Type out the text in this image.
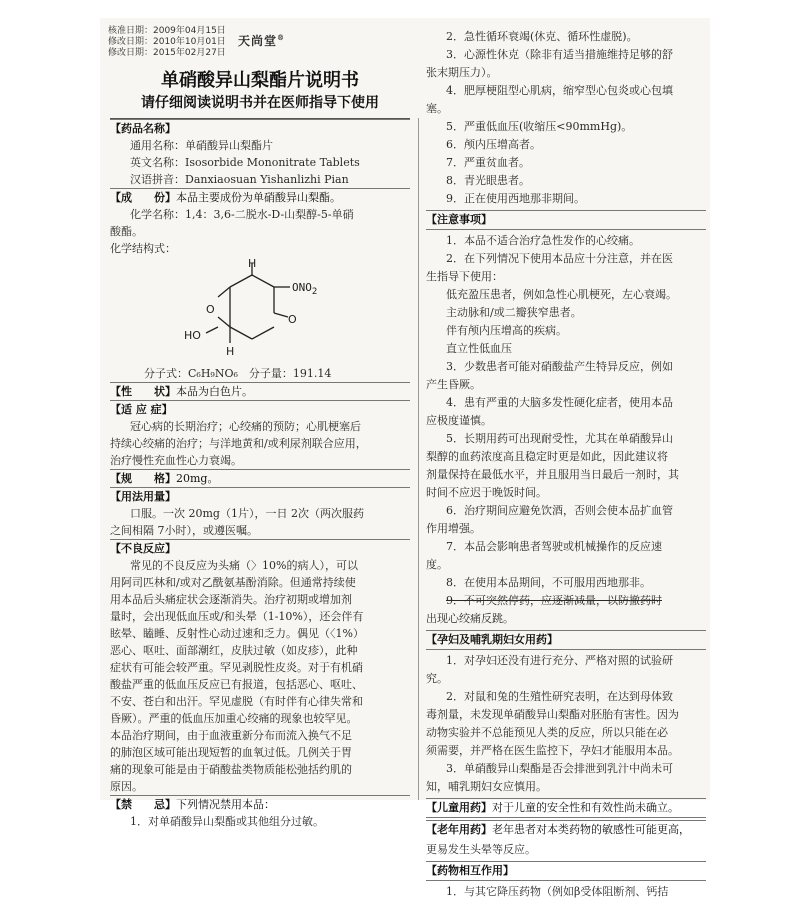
核准日期：2009年04月15日
修改日期：2010年10月01日
修改日期：2015年02月27日
天尚堂®
单硝酸异山梨酯片说明书
请仔细阅读说明书并在医师指导下使用
【药品名称】
通用名称：单硝酸异山梨酯片
英文名称：Isosorbide Mononitrate Tablets
汉语拼音：Danxiaosuan Yishanlizhi Pian
【成　　份】本品主要成份为单硝酸异山梨酯。
化学名称：1,4：3,6-二脱水-D-山梨醇-5-单硝
酸酯。
化学结构式：
H
O
$ONO_2$
O
HO
H
分子式：C₆H₉NO₆　分子量：191.14
【性　　状】本品为白色片。
【适 应 症】
冠心病的长期治疗；心绞痛的预防；心肌梗塞后
持续心绞痛的治疗；与洋地黄和/或利尿剂联合应用，
治疗慢性充血性心力衰竭。
【规　　格】20mg。
【用法用量】
口服。一次 20mg（1片），一日 2次（两次服药
之间相隔 7小时），或遵医嘱。
【不良反应】
常见的不良反应为头痛（〉10%的病人），可以
用阿司匹林和/或对乙酰氨基酚消除。但通常持续使
用本品后头痛症状会逐渐消失。治疗初期或增加剂
量时，会出现低血压或/和头晕（1-10%），还会伴有
眩晕、瞌睡、反射性心动过速和乏力。偶见（〈1%）
恶心、呕吐、面部潮红，皮肤过敏（如皮疹），此种
症状有可能会较严重。罕见剥脱性皮炎。对于有机硝
酸盐严重的低血压反应已有报道，包括恶心、呕吐、
不安、苍白和出汗。罕见虚脱（有时伴有心律失常和
昏厥）。严重的低血压加重心绞痛的现象也较罕见。
本品治疗期间，由于血液重新分布而流入换气不足
的肺泡区域可能出现短暂的血氧过低。几例关于胃
痛的现象可能是由于硝酸盐类物质能松弛括约肌的
原因。
【禁　　忌】下列情况禁用本品：
1．对单硝酸异山梨酯或其他组分过敏。
2．急性循环衰竭(休克、循环性虚脱)。
3．心源性休克（除非有适当措施维持足够的舒
张末期压力）。
4．肥厚梗阻型心肌病，缩窄型心包炎或心包填
塞。
5．严重低血压(收缩压<90mmHg)。
6．颅内压增高者。
7．严重贫血者。
8．青光眼患者。
9．正在使用西地那非期间。
【注意事项】
1．本品不适合治疗急性发作的心绞痛。
2．在下列情况下使用本品应十分注意，并在医
生指导下使用：
低充盈压患者，例如急性心肌梗死，左心衰竭。
主动脉和/或二瓣狭窄患者。
伴有颅内压增高的疾病。
直立性低血压
3．少数患者可能对硝酸盐产生特异反应，例如
产生昏厥。
4．患有严重的大脑多发性硬化症者，使用本品
应极度谨慎。
5．长期用药可出现耐受性，尤其在单硝酸异山
梨醇的血药浓度高且稳定时更是如此，因此建议将
剂量保持在最低水平，并且服用当日最后一剂时，其
时间不应迟于晚饭时间。
6．治疗期间应避免饮酒，否则会使本品扩血管
作用增强。
7．本品会影响患者驾驶或机械操作的反应速
度。
8．在使用本品期间，不可服用西地那非。
9．不可突然停药，应逐渐减量，以防撤药时
出现心绞痛反跳。
【孕妇及哺乳期妇女用药】
1．对孕妇还没有进行充分、严格对照的试验研
究。
2．对鼠和兔的生殖性研究表明，在达到母体致
毒剂量，未发现单硝酸异山梨酯对胚胎有害性。因为
动物实验并不总能预见人类的反应，所以只能在必
须需要，并严格在医生监控下，孕妇才能服用本品。
3．单硝酸异山梨酯是否会排泄到乳汁中尚未可
知，哺乳期妇女应慎用。
【儿童用药】对于儿童的安全性和有效性尚未确立。
【老年用药】老年患者对本类药物的敏感性可能更高，
更易发生头晕等反应。
【药物相互作用】
1．与其它降压药物（例如β受体阻断剂、钙拮
